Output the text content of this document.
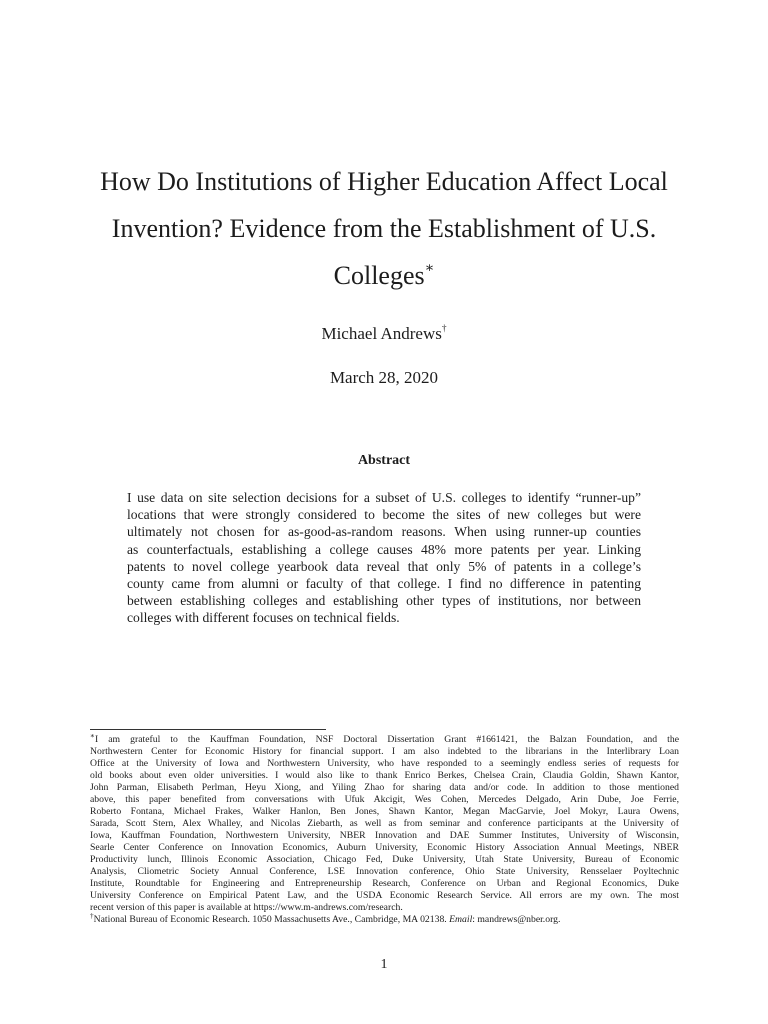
How Do Institutions of Higher Education Affect Local
Invention? Evidence from the Establishment of U.S.
Colleges∗
Michael Andrews†
March 28, 2020
Abstract
I use data on site selection decisions for a subset of U.S. colleges to identify “runner-up”
locations that were strongly considered to become the sites of new colleges but were
ultimately not chosen for as-good-as-random reasons. When using runner-up counties
as counterfactuals, establishing a college causes 48% more patents per year. Linking
patents to novel college yearbook data reveal that only 5% of patents in a college’s
county came from alumni or faculty of that college. I find no difference in patenting
between establishing colleges and establishing other types of institutions, nor between
colleges with different focuses on technical fields.
∗I am grateful to the Kauffman Foundation, NSF Doctoral Dissertation Grant #1661421, the Balzan Foundation, and the
Northwestern Center for Economic History for financial support. I am also indebted to the librarians in the Interlibrary Loan
Office at the University of Iowa and Northwestern University, who have responded to a seemingly endless series of requests for
old books about even older universities. I would also like to thank Enrico Berkes, Chelsea Crain, Claudia Goldin, Shawn Kantor,
John Parman, Elisabeth Perlman, Heyu Xiong, and Yiling Zhao for sharing data and/or code. In addition to those mentioned
above, this paper benefited from conversations with Ufuk Akcigit, Wes Cohen, Mercedes Delgado, Arin Dube, Joe Ferrie,
Roberto Fontana, Michael Frakes, Walker Hanlon, Ben Jones, Shawn Kantor, Megan MacGarvie, Joel Mokyr, Laura Owens,
Sarada, Scott Stern, Alex Whalley, and Nicolas Ziebarth, as well as from seminar and conference participants at the University of
Iowa, Kauffman Foundation, Northwestern University, NBER Innovation and DAE Summer Institutes, University of Wisconsin,
Searle Center Conference on Innovation Economics, Auburn University, Economic History Association Annual Meetings, NBER
Productivity lunch, Illinois Economic Association, Chicago Fed, Duke University, Utah State University, Bureau of Economic
Analysis, Cliometric Society Annual Conference, LSE Innovation conference, Ohio State University, Rensselaer Poyltechnic
Institute, Roundtable for Engineering and Entrepreneurship Research, Conference on Urban and Regional Economics, Duke
University Conference on Empirical Patent Law, and the USDA Economic Research Service. All errors are my own. The most
recent version of this paper is available at https://www.m-andrews.com/research.
†National Bureau of Economic Research. 1050 Massachusetts Ave., Cambridge, MA 02138. Email: mandrews@nber.org.
1
